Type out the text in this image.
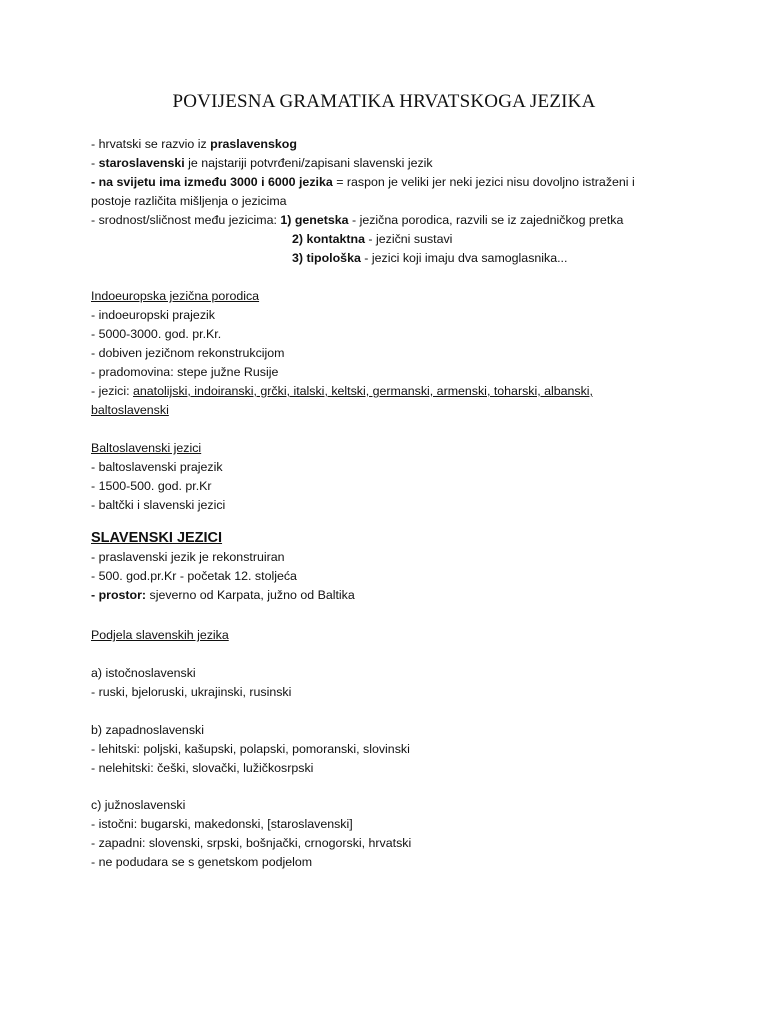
POVIJESNA GRAMATIKA HRVATSKOGA JEZIKA
- hrvatski se razvio iz praslavenskog
- staroslavenski je najstariji potvrđeni/zapisani slavenski jezik
- na svijetu ima između 3000 i 6000 jezika = raspon je veliki jer neki jezici nisu dovoljno istraženi i postoje različita mišljenja o jezicima
- srodnost/sličnost među jezicima: 1) genetska - jezična porodica, razvili se iz zajedničkog pretka
2) kontaktna - jezični sustavi
3) tipološka - jezici koji imaju dva samoglasnika...
Indoeuropska jezična porodica
- indoeuropski prajezik
- 5000-3000. god. pr.Kr.
- dobiven jezičnom rekonstrukcijom
- pradomovina: stepe južne Rusije
- jezici: anatolijski, indoiranski, grčki, italski, keltski, germanski, armenski, toharski, albanski, baltoslavenski
Baltoslavenski jezici
- baltoslavenski prajezik
- 1500-500. god. pr.Kr
- baltčki i slavenski jezici
SLAVENSKI JEZICI
- praslavenski jezik je rekonstruiran
- 500. god.pr.Kr - početak 12. stoljeća
- prostor: sjeverno od Karpata, južno od Baltika
Podjela slavenskih jezika
a) istočnoslavenski
- ruski, bjeloruski, ukrajinski, rusinski
b) zapadnoslavenski
- lehitski: poljski, kašupski, polapski, pomoranski, slovinski
- nelehitski: češki, slovački, lužičkosrpski
c) južnoslavenski
- istočni: bugarski, makedonski, [staroslavenski]
- zapadni: slovenski, srpski, bošnjački, crnogorski, hrvatski
- ne podudara se s genetskom podjelom
